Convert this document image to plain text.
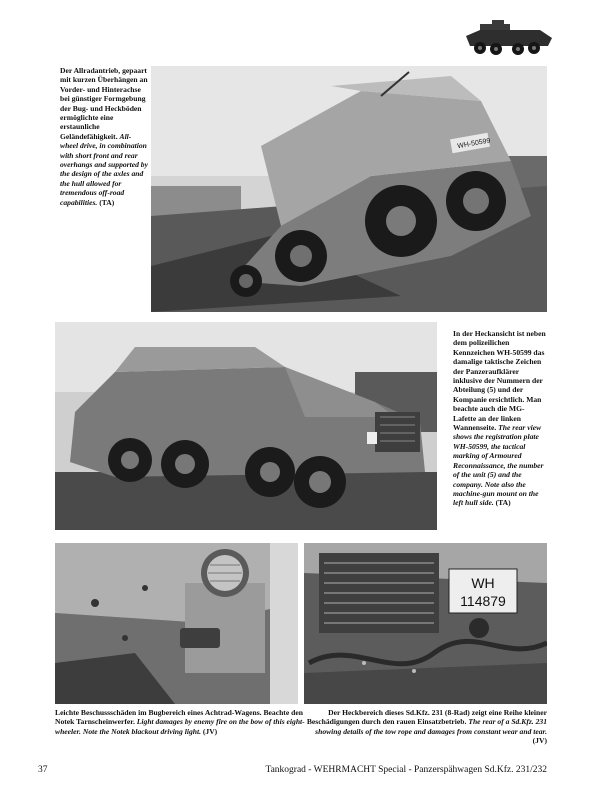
Der Allradantrieb, gepaart mit kurzen Überhängen an Vorder- und Hinterachse bei günstiger Formgebung der Bug- und Heckböden ermöglichte eine erstaunliche Geländefähigkeit. All-wheel drive, in combination with short front and rear overhangs and supported by the design of the axles and the hull allowed for tremendous off-road capabilities. (TA)
WH-50599
In der Heckansicht ist neben dem polizeilichen Kennzeichen WH-50599 das damalige taktische Zeichen der Panzeraufklärer inklusive der Nummern der Abteilung (5) und der Kompanie ersichtlich. Man beachte auch die MG-Lafette an der linken Wannenseite. The rear view shows the registration plate WH-50599, the tactical marking of Armoured Reconnaissance, the number of the unit (5) and the company. Note also the machine-gun mount on the left hull side. (TA)
WH
114879
Leichte Beschussschäden im Bugbereich eines Achtrad-Wagens. Beachte den Notek Tarnscheinwerfer. Light damages by enemy fire on the bow of this eight-wheeler. Note the Notek blackout driving light. (JV)
Der Heckbereich dieses Sd.Kfz. 231 (8-Rad) zeigt eine Reihe kleiner Beschädigungen durch den rauen Einsatzbetrieb. The rear of a Sd.Kfz. 231 showing details of the tow rope and damages from constant wear and tear. (JV)
37	Tankograd - WEHRMACHT Special - Panzerspähwagen Sd.Kfz. 231/232
